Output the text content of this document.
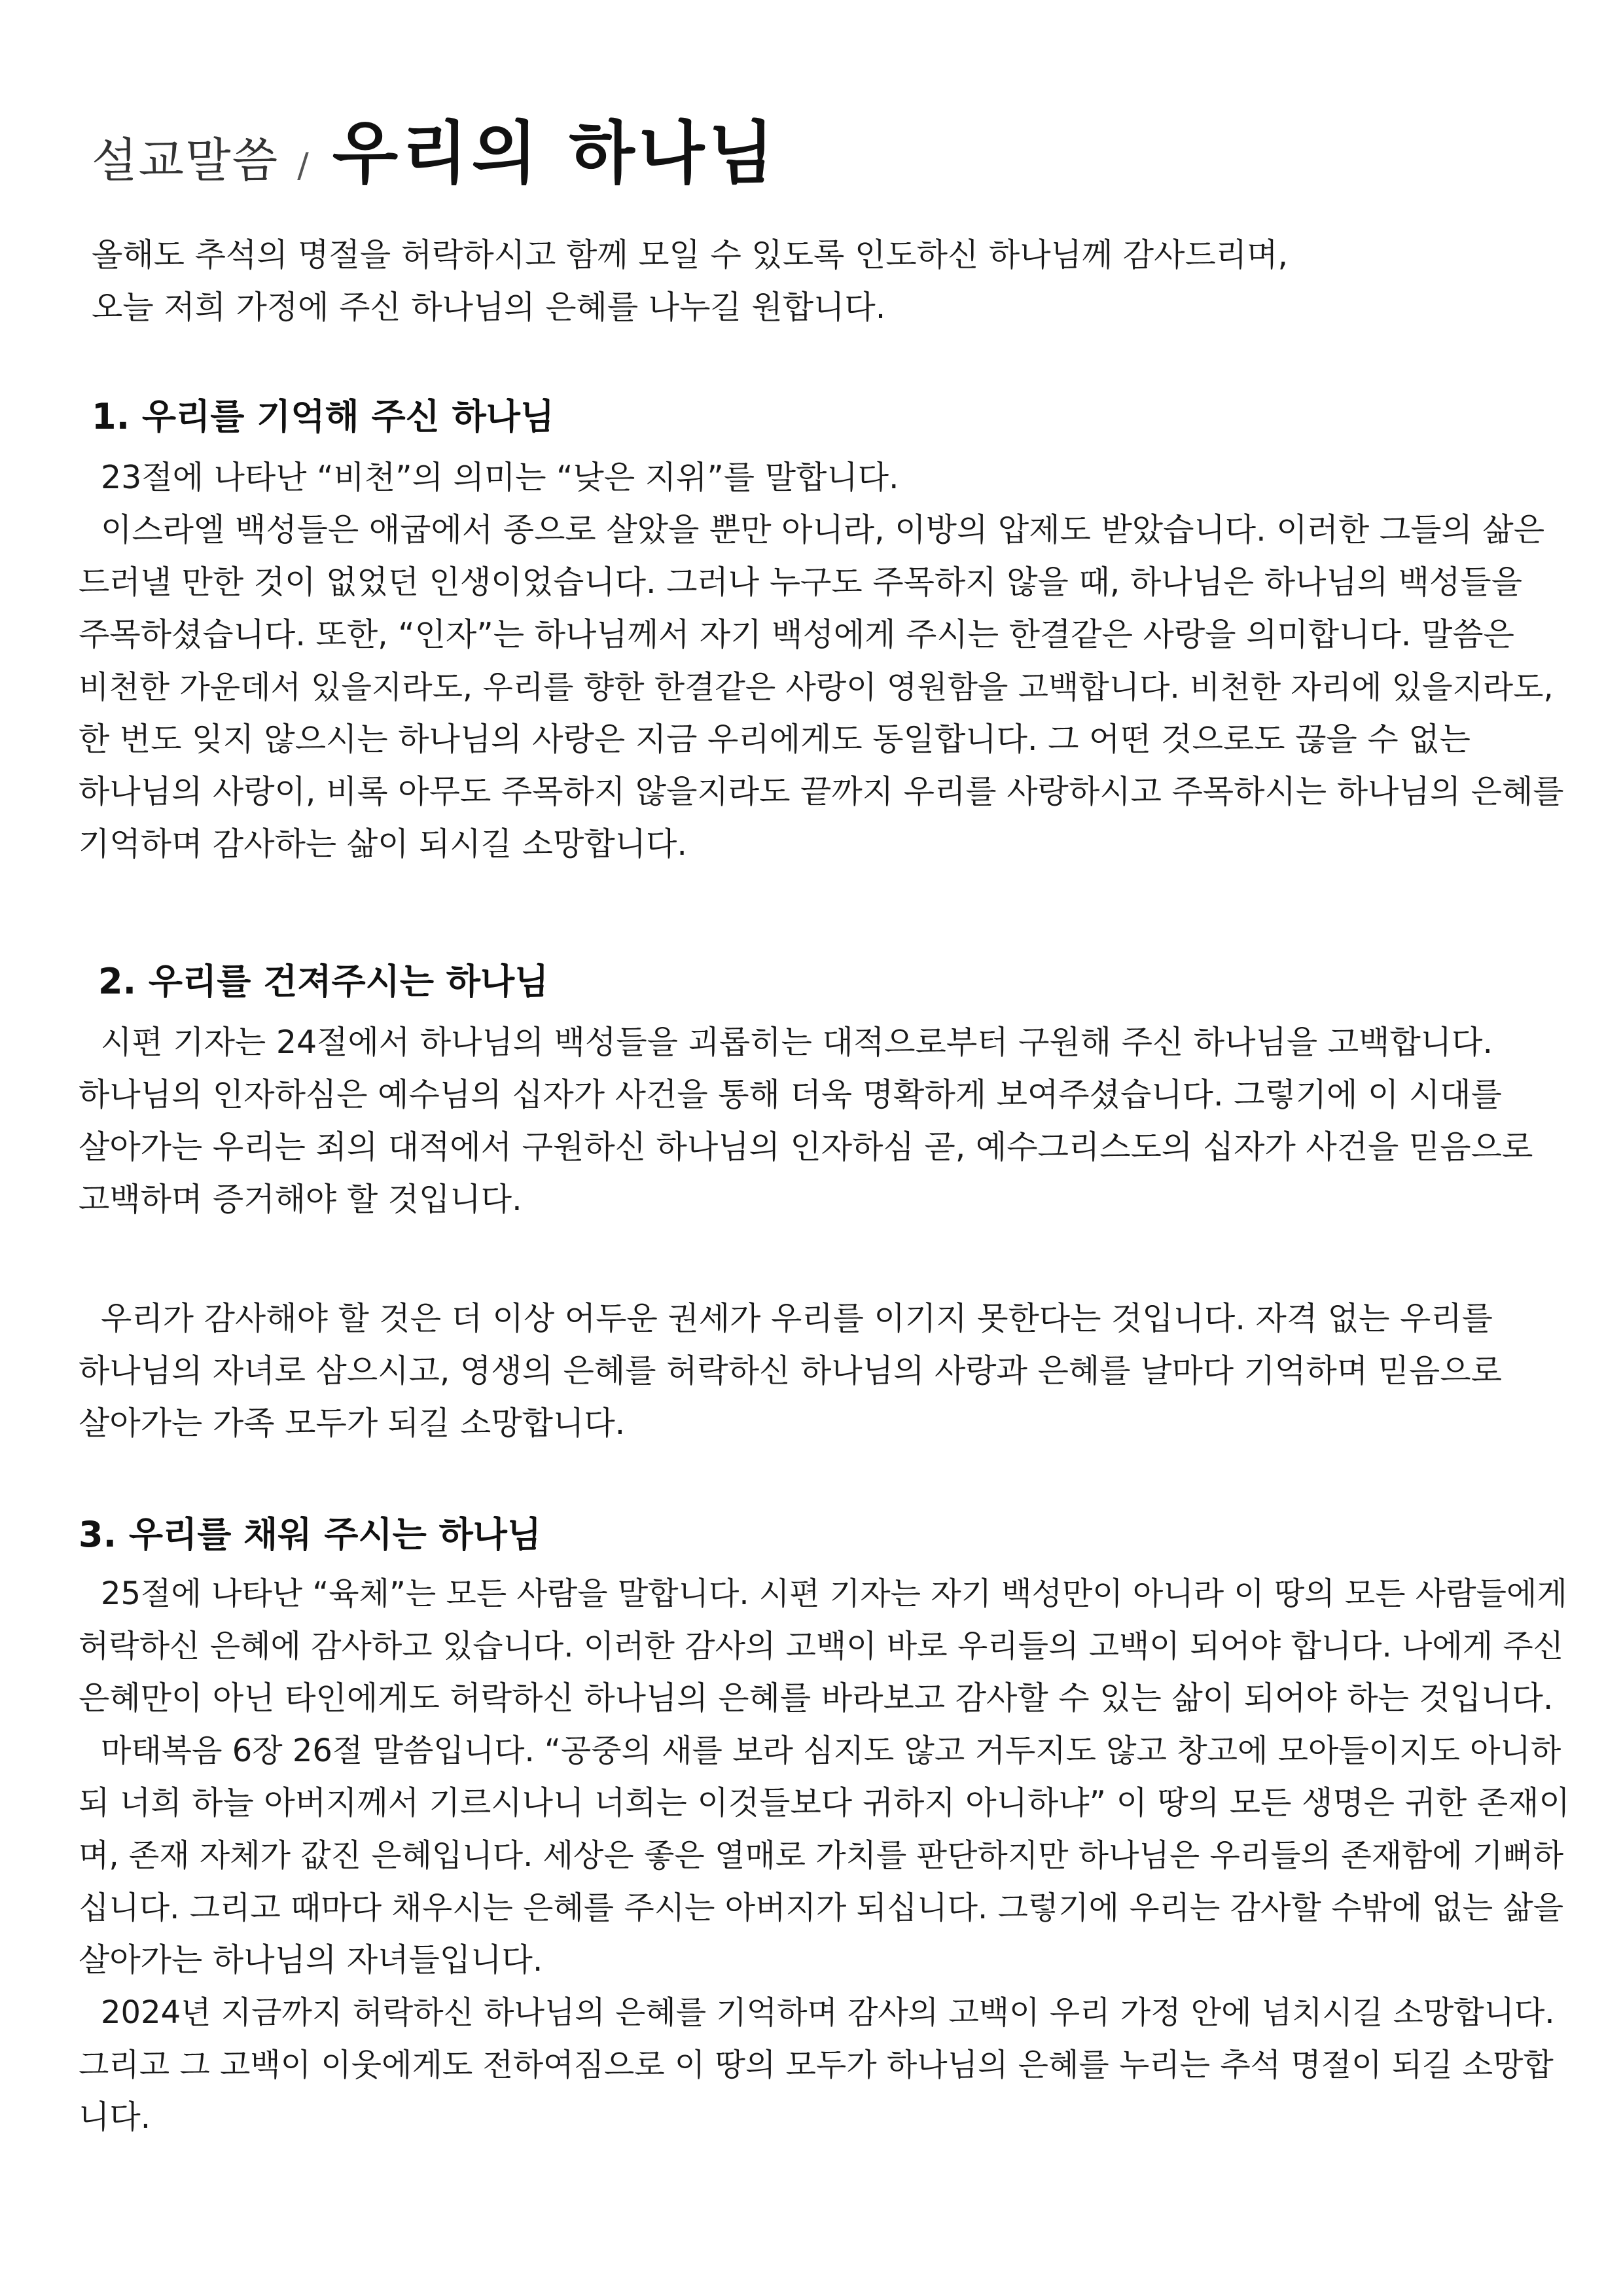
설교말씀 / 우리의 하나님
올해도 추석의 명절을 허락하시고 함께 모일 수 있도록 인도하신 하나님께 감사드리며,
오늘 저희 가정에 주신 하나님의 은혜를 나누길 원합니다.
1. 우리를 기억해 주신 하나님
23절에 나타난 “비천”의 의미는 “낮은 지위”를 말합니다.
이스라엘 백성들은 애굽에서 종으로 살았을 뿐만 아니라, 이방의 압제도 받았습니다. 이러한 그들의 삶은
드러낼 만한 것이 없었던 인생이었습니다. 그러나 누구도 주목하지 않을 때, 하나님은 하나님의 백성들을
주목하셨습니다. 또한, “인자”는 하나님께서 자기 백성에게 주시는 한결같은 사랑을 의미합니다. 말씀은
비천한 가운데서 있을지라도, 우리를 향한 한결같은 사랑이 영원함을 고백합니다. 비천한 자리에 있을지라도,
한 번도 잊지 않으시는 하나님의 사랑은 지금 우리에게도 동일합니다. 그 어떤 것으로도 끊을 수 없는
하나님의 사랑이, 비록 아무도 주목하지 않을지라도 끝까지 우리를 사랑하시고 주목하시는 하나님의 은혜를
기억하며 감사하는 삶이 되시길 소망합니다.
2. 우리를 건져주시는 하나님
시편 기자는 24절에서 하나님의 백성들을 괴롭히는 대적으로부터 구원해 주신 하나님을 고백합니다.
하나님의 인자하심은 예수님의 십자가 사건을 통해 더욱 명확하게 보여주셨습니다. 그렇기에 이 시대를
살아가는 우리는 죄의 대적에서 구원하신 하나님의 인자하심 곧, 예수그리스도의 십자가 사건을 믿음으로
고백하며 증거해야 할 것입니다.
우리가 감사해야 할 것은 더 이상 어두운 권세가 우리를 이기지 못한다는 것입니다. 자격 없는 우리를
하나님의 자녀로 삼으시고, 영생의 은혜를 허락하신 하나님의 사랑과 은혜를 날마다 기억하며 믿음으로
살아가는 가족 모두가 되길 소망합니다.
3. 우리를 채워 주시는 하나님
25절에 나타난 “육체”는 모든 사람을 말합니다. 시편 기자는 자기 백성만이 아니라 이 땅의 모든 사람들에게
허락하신 은혜에 감사하고 있습니다. 이러한 감사의 고백이 바로 우리들의 고백이 되어야 합니다. 나에게 주신
은혜만이 아닌 타인에게도 허락하신 하나님의 은혜를 바라보고 감사할 수 있는 삶이 되어야 하는 것입니다.
마태복음 6장 26절 말씀입니다. “공중의 새를 보라 심지도 않고 거두지도 않고 창고에 모아들이지도 아니하
되 너희 하늘 아버지께서 기르시나니 너희는 이것들보다 귀하지 아니하냐” 이 땅의 모든 생명은 귀한 존재이
며, 존재 자체가 값진 은혜입니다. 세상은 좋은 열매로 가치를 판단하지만 하나님은 우리들의 존재함에 기뻐하
십니다. 그리고 때마다 채우시는 은혜를 주시는 아버지가 되십니다. 그렇기에 우리는 감사할 수밖에 없는 삶을
살아가는 하나님의 자녀들입니다.
2024년 지금까지 허락하신 하나님의 은혜를 기억하며 감사의 고백이 우리 가정 안에 넘치시길 소망합니다.
그리고 그 고백이 이웃에게도 전하여짐으로 이 땅의 모두가 하나님의 은혜를 누리는 추석 명절이 되길 소망합
니다.
